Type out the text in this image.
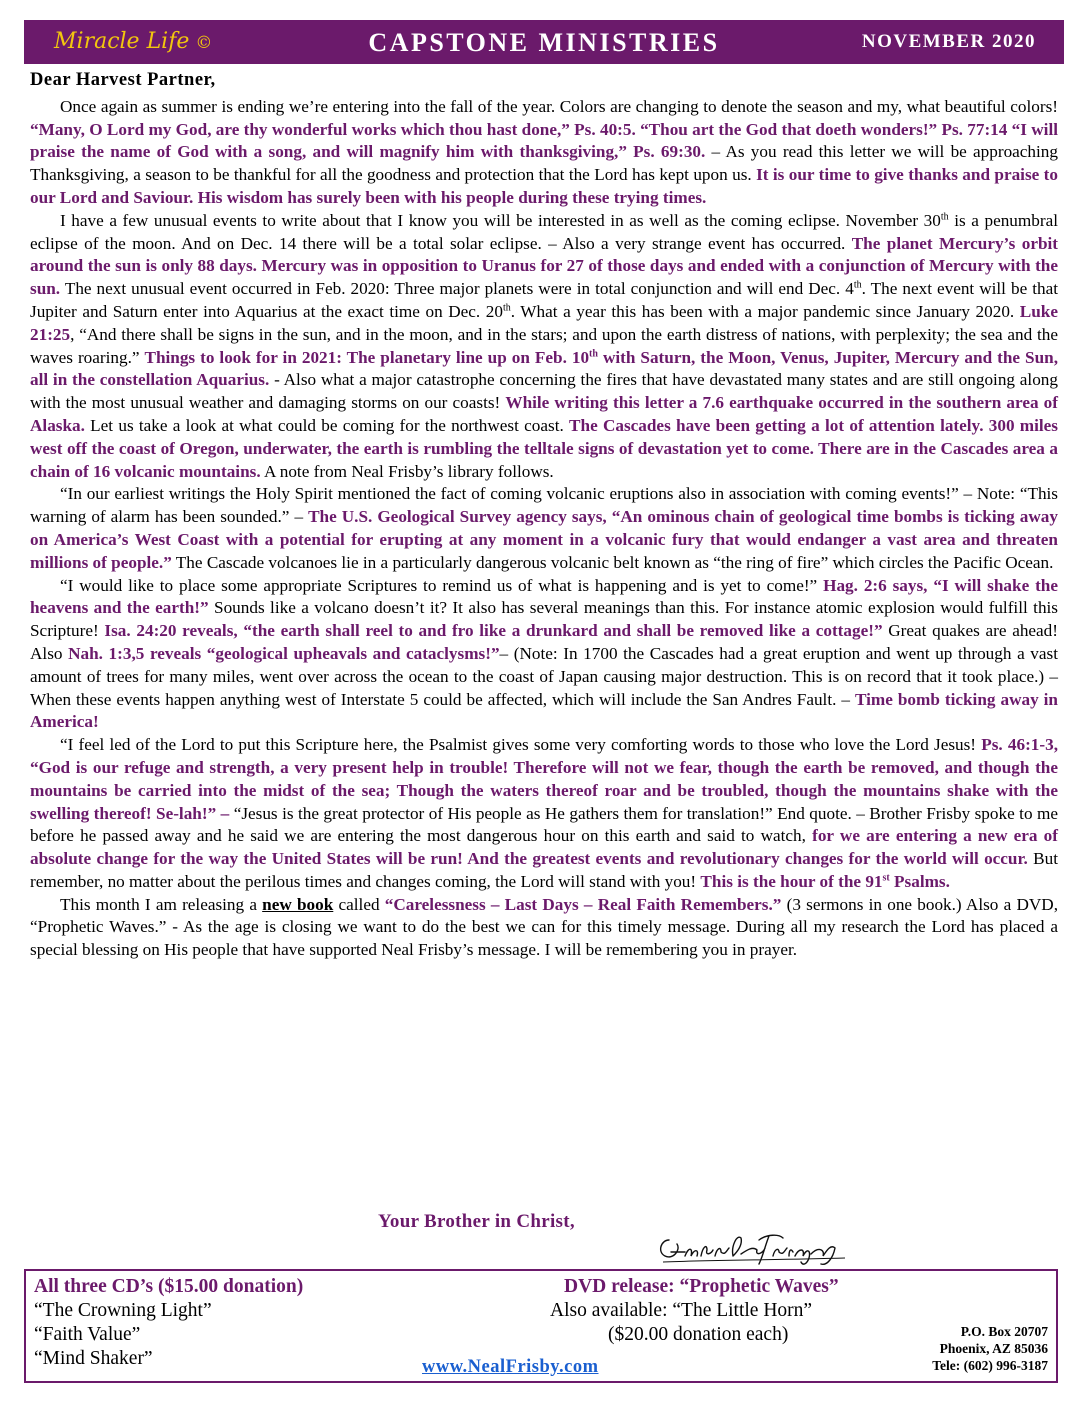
Miracle Life ©	CAPSTONE MINISTRIES	NOVEMBER 2020

Dear Harvest Partner,

Once again as summer is ending we’re entering into the fall of the year. Colors are changing to denote the season and my, what beautiful colors! “Many, O Lord my God, are thy wonderful works which thou hast done,” Ps. 40:5. “Thou art the God that doeth wonders!” Ps. 77:14 “I will praise the name of God with a song, and will magnify him with thanksgiving,” Ps. 69:30. – As you read this letter we will be approaching Thanksgiving, a season to be thankful for all the goodness and protection that the Lord has kept upon us. It is our time to give thanks and praise to our Lord and Saviour. His wisdom has surely been with his people during these trying times.

I have a few unusual events to write about that I know you will be interested in as well as the coming eclipse. November 30th is a penumbral eclipse of the moon. And on Dec. 14 there will be a total solar eclipse. – Also a very strange event has occurred. The planet Mercury’s orbit around the sun is only 88 days. Mercury was in opposition to Uranus for 27 of those days and ended with a conjunction of Mercury with the sun. The next unusual event occurred in Feb. 2020: Three major planets were in total conjunction and will end Dec. 4th. The next event will be that Jupiter and Saturn enter into Aquarius at the exact time on Dec. 20th. What a year this has been with a major pandemic since January 2020. Luke 21:25, “And there shall be signs in the sun, and in the moon, and in the stars; and upon the earth distress of nations, with perplexity; the sea and the waves roaring.” Things to look for in 2021: The planetary line up on Feb. 10th with Saturn, the Moon, Venus, Jupiter, Mercury and the Sun, all in the constellation Aquarius. - Also what a major catastrophe concerning the fires that have devastated many states and are still ongoing along with the most unusual weather and damaging storms on our coasts! While writing this letter a 7.6 earthquake occurred in the southern area of Alaska. Let us take a look at what could be coming for the northwest coast. The Cascades have been getting a lot of attention lately. 300 miles west off the coast of Oregon, underwater, the earth is rumbling the telltale signs of devastation yet to come. There are in the Cascades area a chain of 16 volcanic mountains. A note from Neal Frisby’s library follows.

“In our earliest writings the Holy Spirit mentioned the fact of coming volcanic eruptions also in association with coming events!” – Note: “This warning of alarm has been sounded.” – The U.S. Geological Survey agency says, “An ominous chain of geological time bombs is ticking away on America’s West Coast with a potential for erupting at any moment in a volcanic fury that would endanger a vast area and threaten millions of people.” The Cascade volcanoes lie in a particularly dangerous volcanic belt known as “the ring of fire” which circles the Pacific Ocean.

“I would like to place some appropriate Scriptures to remind us of what is happening and is yet to come!” Hag. 2:6 says, “I will shake the heavens and the earth!” Sounds like a volcano doesn’t it? It also has several meanings than this. For instance atomic explosion would fulfill this Scripture! Isa. 24:20 reveals, “the earth shall reel to and fro like a drunkard and shall be removed like a cottage!” Great quakes are ahead! Also Nah. 1:3,5 reveals “geological upheavals and cataclysms!”– (Note: In 1700 the Cascades had a great eruption and went up through a vast amount of trees for many miles, went over across the ocean to the coast of Japan causing major destruction. This is on record that it took place.) – When these events happen anything west of Interstate 5 could be affected, which will include the San Andres Fault. – Time bomb ticking away in America!

“I feel led of the Lord to put this Scripture here, the Psalmist gives some very comforting words to those who love the Lord Jesus! Ps. 46:1-3, “God is our refuge and strength, a very present help in trouble! Therefore will not we fear, though the earth be removed, and though the mountains be carried into the midst of the sea; Though the waters thereof roar and be troubled, though the mountains shake with the swelling thereof! Se-lah!” – “Jesus is the great protector of His people as He gathers them for translation!” End quote. – Brother Frisby spoke to me before he passed away and he said we are entering the most dangerous hour on this earth and said to watch, for we are entering a new era of absolute change for the way the United States will be run! And the greatest events and revolutionary changes for the world will occur. But remember, no matter about the perilous times and changes coming, the Lord will stand with you! This is the hour of the 91st Psalms.

This month I am releasing a new book called “Carelessness – Last Days – Real Faith Remembers.” (3 sermons in one book.) Also a DVD, “Prophetic Waves.” - As the age is closing we want to do the best we can for this timely message. During all my research the Lord has placed a special blessing on His people that have supported Neal Frisby’s message. I will be remembering you in prayer.

Your Brother in Christ,
All three CD’s ($15.00 donation)
“The Crowning Light”
“Faith Value”
“Mind Shaker”
DVD release: “Prophetic Waves”
Also available: “The Little Horn”
($20.00 donation each)
www.NealFrisby.com
P.O. Box 20707
Phoenix, AZ 85036
Tele: (602) 996-3187
